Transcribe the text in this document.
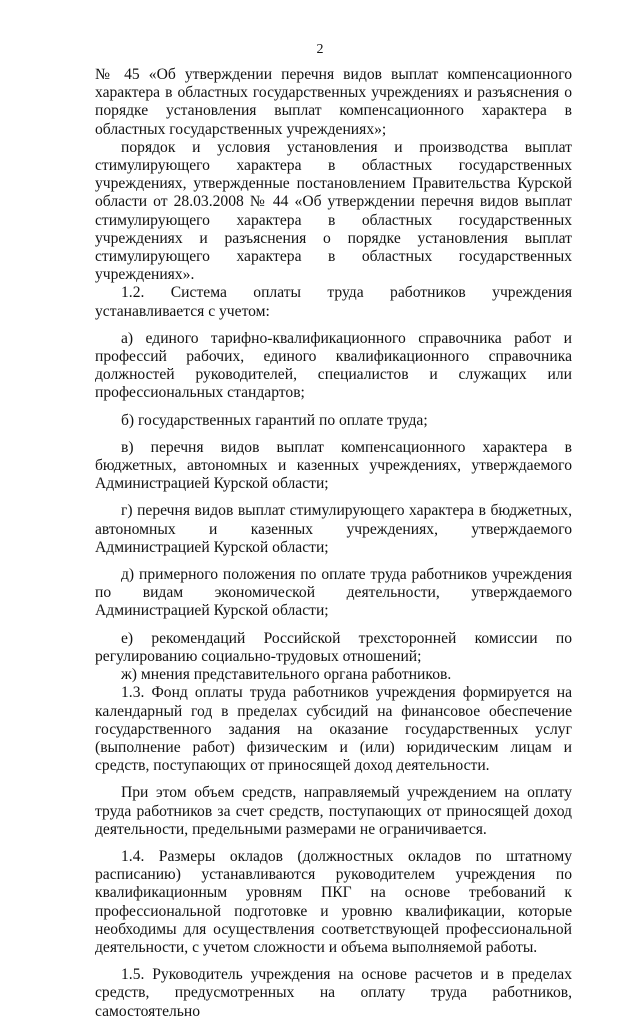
2

№ 45 «Об утверждении перечня видов выплат компенсационного характера в областных государственных учреждениях и разъяснения о порядке установления выплат компенсационного характера в областных государственных учреждениях»;

порядок и условия установления и производства выплат стимулирующего характера в областных государственных учреждениях, утвержденные постановлением Правительства Курской области от 28.03.2008 № 44 «Об утверждении перечня видов выплат стимулирующего характера в областных государственных учреждениях и разъяснения о порядке установления выплат стимулирующего характера в областных государственных учреждениях».

1.2. Система оплаты труда работников учреждения устанавливается с учетом:

а) единого тарифно-квалификационного справочника работ и профессий рабочих, единого квалификационного справочника должностей руководителей, специалистов и служащих или профессиональных стандартов;

б) государственных гарантий по оплате труда;

в) перечня видов выплат компенсационного характера в бюджетных, автономных и казенных учреждениях, утверждаемого Администрацией Курской области;

г) перечня видов выплат стимулирующего характера в бюджетных, автономных и казенных учреждениях, утверждаемого Администрацией Курской области;

д) примерного положения по оплате труда работников учреждения по видам экономической деятельности, утверждаемого Администрацией Курской области;

е) рекомендаций Российской трехсторонней комиссии по регулированию социально-трудовых отношений;

ж) мнения представительного органа работников.

1.3. Фонд оплаты труда работников учреждения формируется на календарный год в пределах субсидий на финансовое обеспечение государственного задания на оказание государственных услуг (выполнение работ) физическим и (или) юридическим лицам и средств, поступающих от приносящей доход деятельности.

При этом объем средств, направляемый учреждением на оплату труда работников за счет средств, поступающих от приносящей доход деятельности, предельными размерами не ограничивается.

1.4. Размеры окладов (должностных окладов по штатному расписанию) устанавливаются руководителем учреждения по квалификационным уровням ПКГ на основе требований к профессиональной подготовке и уровню квалификации, которые необходимы для осуществления соответствующей профессиональной деятельности, с учетом сложности и объема выполняемой работы.

1.5. Руководитель учреждения на основе расчетов и в пределах средств, предусмотренных на оплату труда работников, самостоятельно
